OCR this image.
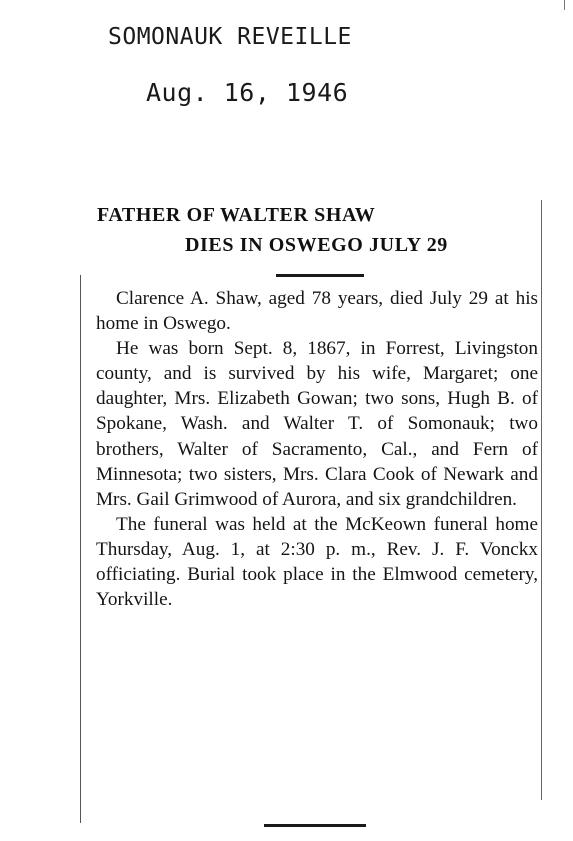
SOMONAUK REVEILLE
Aug. 16, 1946
FATHER OF WALTER SHAW
DIES IN OSWEGO JULY 29

Clarence A. Shaw, aged 78 years, died July 29 at his home in Oswego.

He was born Sept. 8, 1867, in Forrest, Livingston county, and is survived by his wife, Margaret; one daughter, Mrs. Elizabeth Gowan; two sons, Hugh B. of Spokane, Wash. and Walter T. of Somonauk; two brothers, Walter of Sacramento, Cal., and Fern of Minnesota; two sisters, Mrs. Clara Cook of Newark and Mrs. Gail Grimwood of Aurora, and six grandchildren.

The funeral was held at the McKeown funeral home Thursday, Aug. 1, at 2:30 p. m., Rev. J. F. Vonckx officiating. Burial took place in the Elmwood cemetery, Yorkville.
